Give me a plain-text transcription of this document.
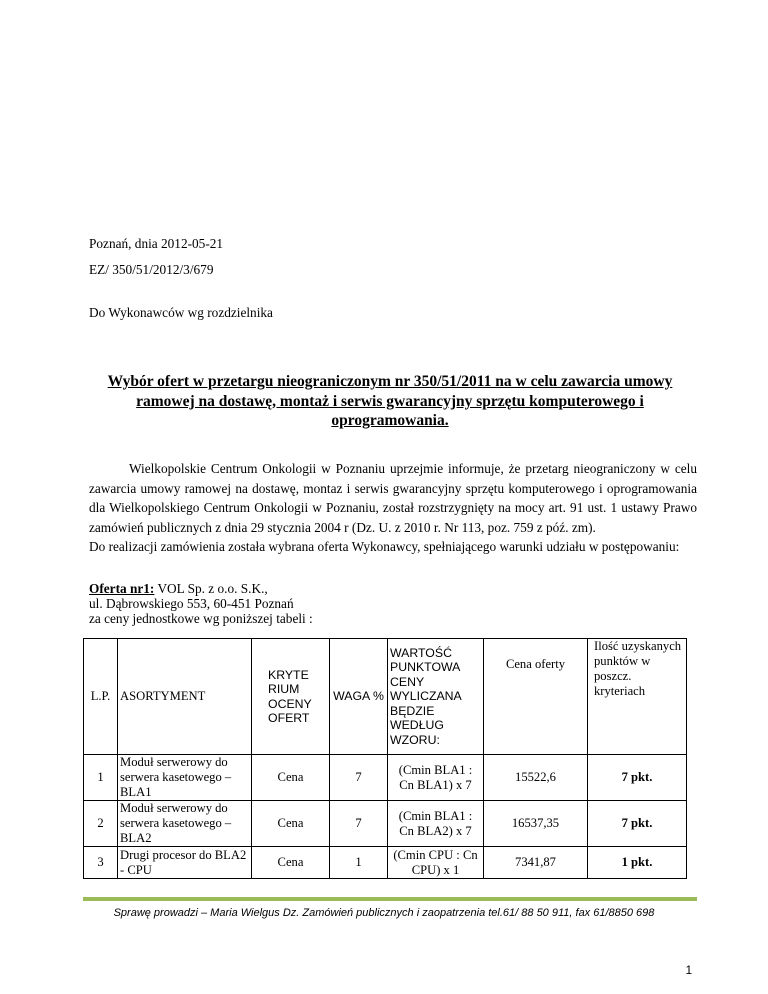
Poznań, dnia 2012-05-21
EZ/ 350/51/2012/3/679
Do Wykonawców wg rozdzielnika
Wybór ofert w przetargu nieograniczonym nr 350/51/2011 na w celu zawarcia umowy ramowej na dostawę, montaż i serwis gwarancyjny sprzętu komputerowego i oprogramowania.
Wielkopolskie Centrum Onkologii w Poznaniu uprzejmie informuje, że przetarg nieograniczony w celu zawarcia umowy ramowej na dostawę, montaz i serwis gwarancyjny sprzętu komputerowego i oprogramowania dla Wielkopolskiego Centrum Onkologii w Poznaniu, został rozstrzygnięty na mocy art. 91 ust. 1 ustawy Prawo zamówień publicznych z dnia 29 stycznia 2004 r (Dz. U. z 2010 r. Nr 113, poz. 759 z póź. zm).
Do realizacji zamówienia została wybrana oferta Wykonawcy, spełniającego warunki udziału w postępowaniu:
Oferta nr1: VOL Sp. z o.o. S.K.,
ul. Dąbrowskiego 553, 60-451 Poznań
za ceny jednostkowe wg poniższej tabeli :
L.P.	ASORTYMENT	KRYTE RIUM OCENY OFERT	WAGA %	WARTOŚĆ PUNKTOWA CENY WYLICZANA BĘDZIE WEDŁUG WZORU:	Cena oferty	Ilość uzyskanych punktów w poszcz. kryteriach
1	Moduł serwerowy do serwera kasetowego – BLA1	Cena	7	(Cmin BLA1 : Cn BLA1) x 7	15522,6	7 pkt.
2	Moduł serwerowy do serwera kasetowego – BLA2	Cena	7	(Cmin BLA1 : Cn BLA2) x 7	16537,35	7 pkt.
3	Drugi procesor do BLA2 - CPU	Cena	1	(Cmin CPU : Cn CPU) x 1	7341,87	1 pkt.
Sprawę prowadzi – Maria Wielgus Dz. Zamówień publicznych i zaopatrzenia tel.61/ 88 50 911, fax 61/8850 698
1
